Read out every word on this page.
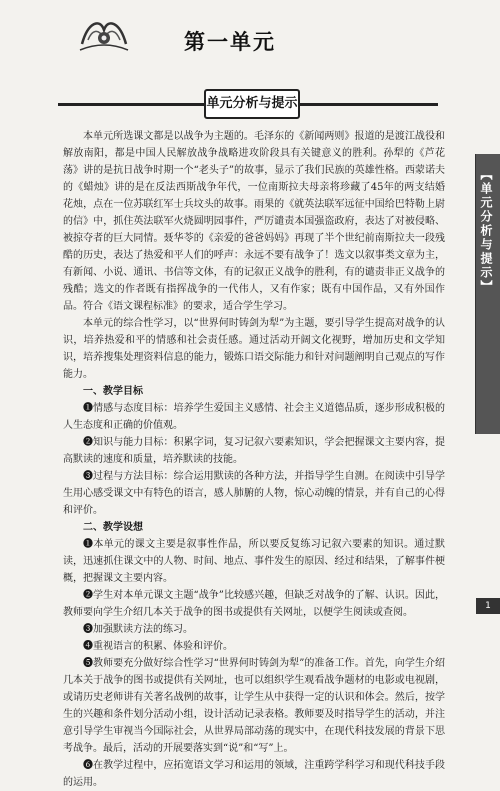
第一单元
单元分析与提示

本单元所选课文都是以战争为主题的。毛泽东的《新闻两则》报道的是渡江战役和解放南阳，都是中国人民解放战争战略进攻阶段具有关键意义的胜利。孙犁的《芦花荡》讲的是抗日战争时期一个“老头子”的故事，显示了我们民族的英雄性格。西蒙诺夫的《蜡烛》讲的是在反法西斯战争年代，一位南斯拉夫母亲将珍藏了45年的两支结婚花烛，点在一位苏联红军士兵坟头的故事。雨果的《就英法联军远征中国给巴特勒上尉的信》中，抓住英法联军火烧圆明园事件，严厉谴责本国强盗政府，表达了对被侵略、被掠夺者的巨大同情。聂华苓的《亲爱的爸爸妈妈》再现了半个世纪前南斯拉夫一段残酷的历史，表达了热爱和平人们的呼声：永远不要有战争了！选文以叙事类文章为主，有新闻、小说、通讯、书信等文体，有的记叙正义战争的胜利，有的谴责非正义战争的残酷；选文的作者既有指挥战争的一代伟人，又有作家；既有中国作品，又有外国作品。符合《语文课程标准》的要求，适合学生学习。

本单元的综合性学习，以“世界何时铸剑为犁”为主题，要引导学生提高对战争的认识，培养热爱和平的情感和社会责任感。通过活动开阔文化视野，增加历史和文学知识，培养搜集处理资料信息的能力，锻炼口语交际能力和针对问题阐明自己观点的写作能力。

一、教学目标

❶情感与态度目标：培养学生爱国主义感情、社会主义道德品质，逐步形成积极的人生态度和正确的价值观。

❷知识与能力目标：积累字词，复习记叙六要素知识，学会把握课文主要内容，提高默读的速度和质量，培养默读的技能。

❸过程与方法目标：综合运用默读的各种方法，并指导学生自测。在阅读中引导学生用心感受课文中有特色的语言，感人肺腑的人物，惊心动魄的情景，并有自己的心得和评价。

二、教学设想

❶本单元的课文主要是叙事性作品，所以要反复练习记叙六要素的知识。通过默读，迅速抓住课文中的人物、时间、地点、事件发生的原因、经过和结果，了解事件梗概，把握课文主要内容。

❷学生对本单元课文主题“战争”比较感兴趣，但缺乏对战争的了解、认识。因此，教师要向学生介绍几本关于战争的图书或提供有关网址，以便学生阅读或查阅。

❸加强默读方法的练习。

❹重视语言的积累、体验和评价。

❺教师要充分做好综合性学习“世界何时铸剑为犁”的准备工作。首先，向学生介绍几本关于战争的图书或提供有关网址，也可以组织学生观看战争题材的电影或电视剧，或请历史老师讲有关著名战例的故事，让学生从中获得一定的认识和体会。然后，按学生的兴趣和条件划分活动小组，设计活动记录表格。教师要及时指导学生的活动，并注意引导学生审视当今国际社会，从世界局部动荡的现实中，在现代科技发展的背景下思考战争。最后，活动的开展要落实到“说”和“写”上。

❻在教学过程中，应拓宽语文学习和运用的领域，注重跨学科学习和现代科技手段的运用。

【单元分析与提示】
1
